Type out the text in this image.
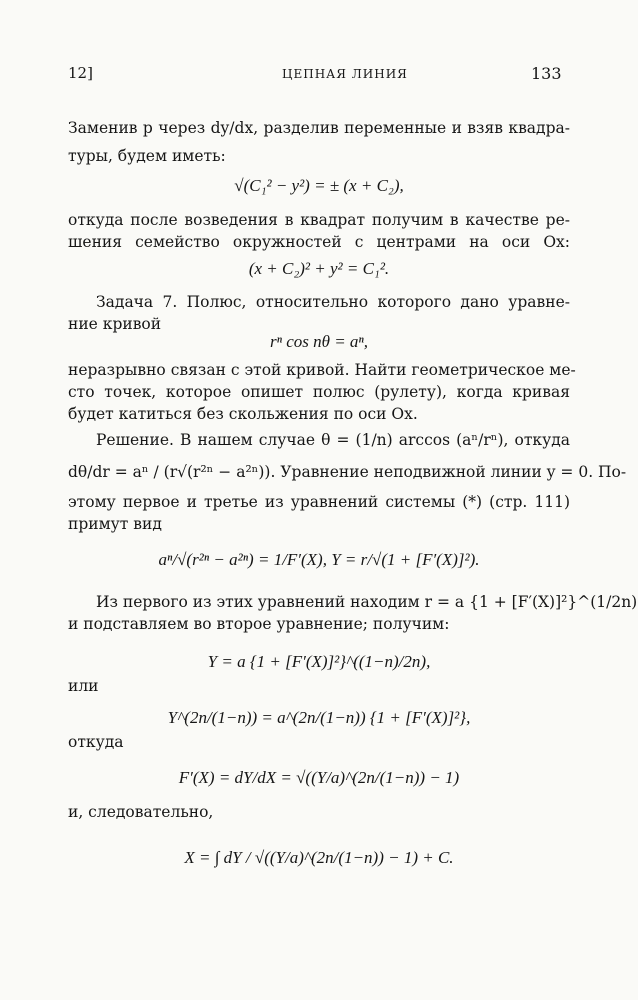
12]	ЦЕПНАЯ ЛИНИЯ	133
Заменив p через dy/dx, разделив переменные и взяв квадра-
туры, будем иметь:
√(C₁² − y²) = ± (x + C₂),
откуда после возведения в квадрат получим в качестве ре-
шения семейство окружностей с центрами на оси Ox:
(x + C₂)² + y² = C₁².
Задача 7. Полюс, относительно которого дано уравне-
ние кривой
rⁿ cos nθ = aⁿ,
неразрывно связан с этой кривой. Найти геометрическое ме-
сто точек, которое опишет полюс (рулету), когда кривая
будет катиться без скольжения по оси Ox.
Решение. В нашем случае θ = (1/n) arccos (aⁿ/rⁿ), откуда
dθ/dr = aⁿ / (r√(r²ⁿ − a²ⁿ)). Уравнение неподвижной линии y = 0. По-
этому первое и третье из уравнений системы (*) (стр. 111)
примут вид
aⁿ/√(r²ⁿ − a²ⁿ) = 1/F′(X), Y = r/√(1 + [F′(X)]²).
Из первого из этих уравнений находим r = a {1 + [F′(X)]²}^(1/2n)
и подставляем во второе уравнение; получим:
Y = a {1 + [F′(X)]²}^((1−n)/2n),
или
Y^(2n/(1−n)) = a^(2n/(1−n)) {1 + [F′(X)]²},
откуда
F′(X) = dY/dX = √((Y/a)^(2n/(1−n)) − 1)
и, следовательно,
X = ∫ dY / √((Y/a)^(2n/(1−n)) − 1) + C.
